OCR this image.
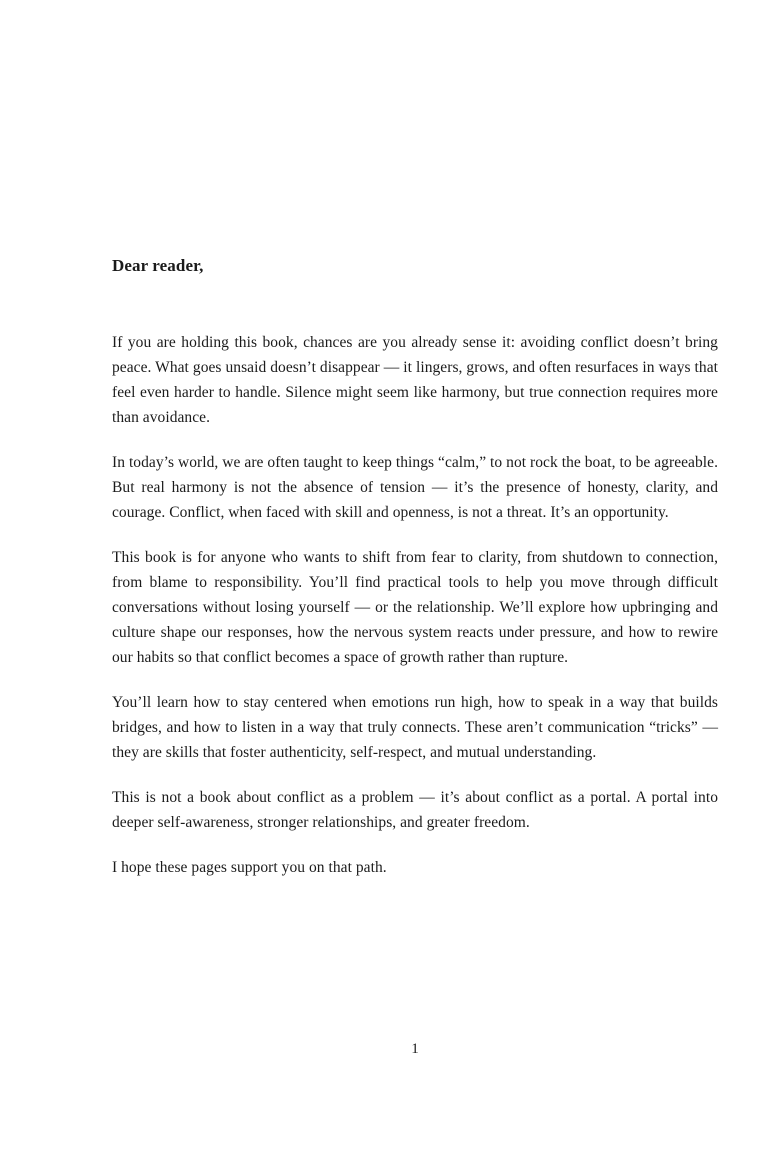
Dear reader,

If you are holding this book, chances are you already sense it: avoiding conflict doesn’t bring peace. What goes unsaid doesn’t disappear — it lingers, grows, and often resurfaces in ways that feel even harder to handle. Silence might seem like harmony, but true connection requires more than avoidance.

In today’s world, we are often taught to keep things “calm,” to not rock the boat, to be agreeable. But real harmony is not the absence of tension — it’s the presence of honesty, clarity, and courage. Conflict, when faced with skill and openness, is not a threat. It’s an opportunity.

This book is for anyone who wants to shift from fear to clarity, from shutdown to connection, from blame to responsibility. You’ll find practical tools to help you move through difficult conversations without losing yourself — or the relationship. We’ll explore how upbringing and culture shape our responses, how the nervous system reacts under pressure, and how to rewire our habits so that conflict becomes a space of growth rather than rupture.

You’ll learn how to stay centered when emotions run high, how to speak in a way that builds bridges, and how to listen in a way that truly connects. These aren’t communication “tricks” — they are skills that foster authenticity, self-respect, and mutual understanding.

This is not a book about conflict as a problem — it’s about conflict as a portal. A portal into deeper self-awareness, stronger relationships, and greater freedom.

I hope these pages support you on that path.

1
